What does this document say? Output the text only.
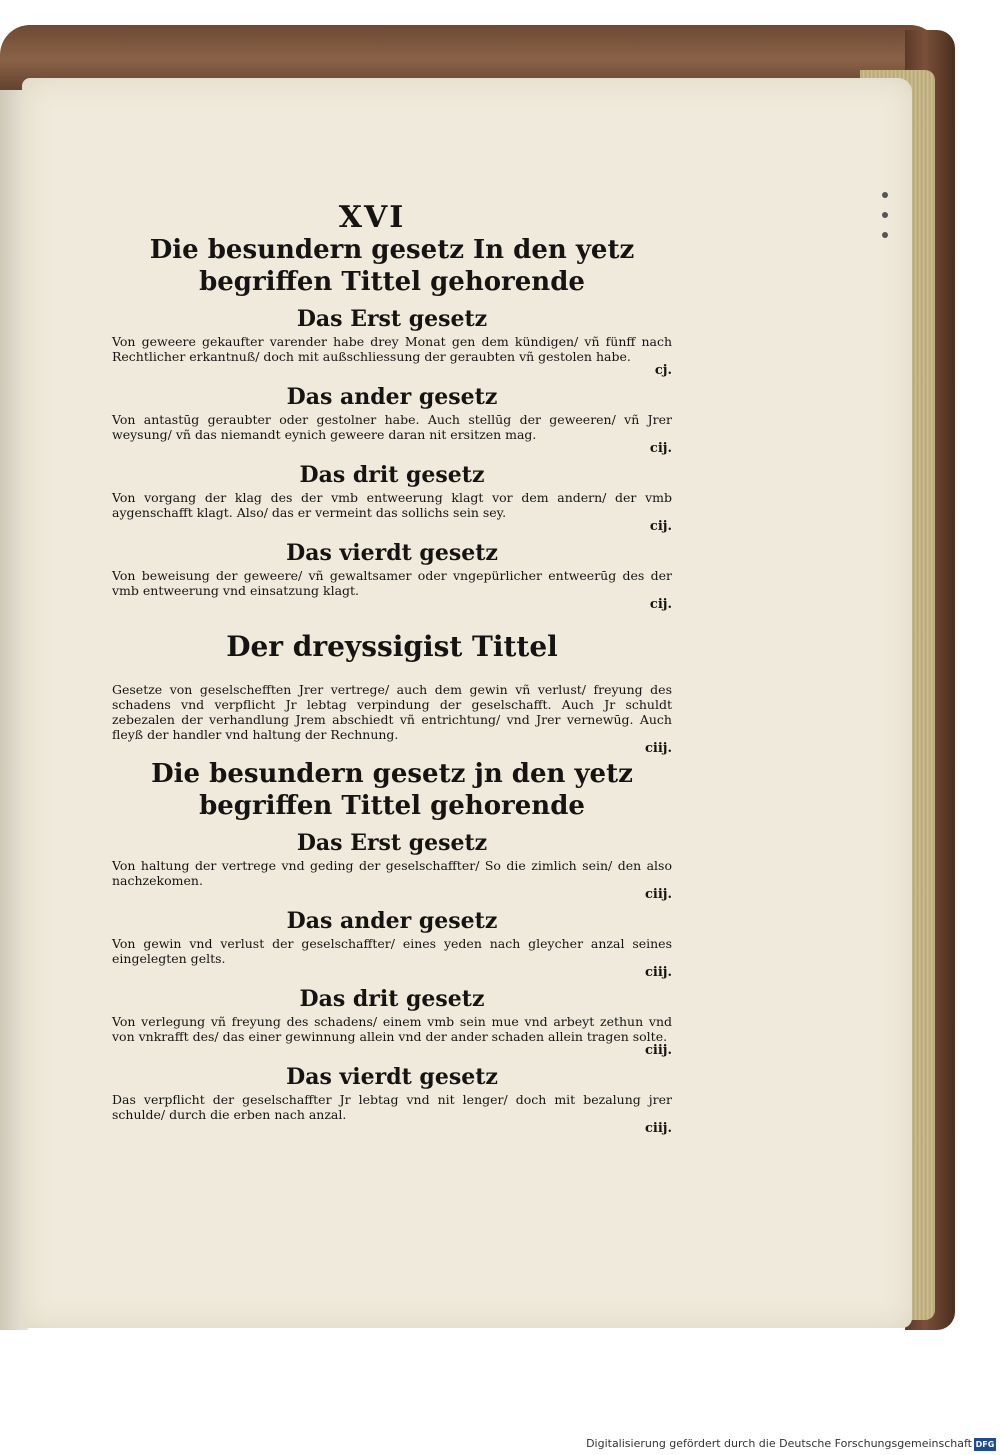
XVI
Die besundern gesetz In den yetz begriffen Tittel gehorende
Das Erst gesetz
Von geweere gekaufter varender habe drey Monat gen dem kündigen/ vñ fünff nach Rechtlicher erkantnuß/ doch mit außschliessung der geraubten vñ gestolen habe.
cj.
Das ander gesetz
Von antastūg geraubter oder gestolner habe. Auch stellūg der geweeren/ vñ Jrer weysung/ vñ das niemandt eynich geweere daran nit ersitzen mag.
cij.
Das drit gesetz
Von vorgang der klag des der vmb entweerung klagt vor dem andern/ der vmb aygenschafft klagt. Also/ das er vermeint das sollichs sein sey.
cij.
Das vierdt gesetz
Von beweisung der geweere/ vñ gewaltsamer oder vngepürlicher entweerūg des der vmb entweerung vnd einsatzung klagt.
cij.
Der dreyssigist Tittel
Gesetze von geselschefften Jrer vertrege/ auch dem gewin vñ verlust/ freyung des schadens vnd verpflicht Jr lebtag verpindung der geselschafft. Auch Jr schuldt zebezalen der verhandlung Jrem abschiedt vñ entrichtung/ vnd Jrer vernewūg. Auch fleyß der handler vnd haltung der Rechnung.
ciij.
Die besundern gesetz jn den yetz begriffen Tittel gehorende
Das Erst gesetz
Von haltung der vertrege vnd geding der geselschaffter/ So die zimlich sein/ den also nachzekomen.
ciij.
Das ander gesetz
Von gewin vnd verlust der geselschaffter/ eines yeden nach gleycher anzal seines eingelegten gelts.
ciij.
Das drit gesetz
Von verlegung vñ freyung des schadens/ einem vmb sein mue vnd arbeyt zethun vnd von vnkrafft des/ das einer gewinnung allein vnd der ander schaden allein tragen solte.
ciij.
Das vierdt gesetz
Das verpflicht der geselschaffter Jr lebtag vnd nit lenger/ doch mit bezalung jrer schulde/ durch die erben nach anzal.
ciij.
Digitalisierung gefördert durch die Deutsche Forschungsgemeinschaft DFG
